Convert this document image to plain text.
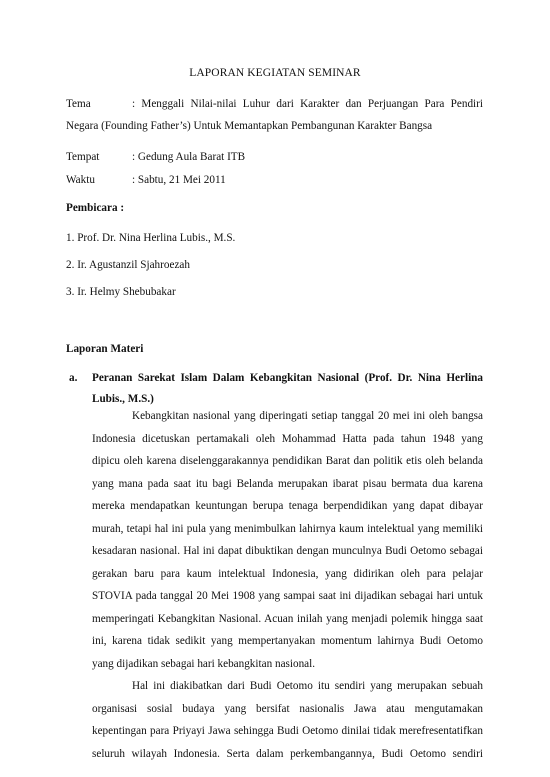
LAPORAN KEGIATAN SEMINAR
Tema	: Menggali Nilai-nilai Luhur dari Karakter dan Perjuangan Para Pendiri
Negara (Founding Father’s) Untuk Memantapkan Pembangunan Karakter Bangsa
Tempat	: Gedung Aula Barat ITB
Waktu	: Sabtu, 21 Mei 2011
Pembicara :
1. Prof. Dr. Nina Herlina Lubis., M.S.
2. Ir. Agustanzil Sjahroezah
3. Ir. Helmy Shebubakar
Laporan Materi
a. Peranan Sarekat Islam Dalam Kebangkitan Nasional (Prof. Dr. Nina Herlina
Lubis., M.S.)
Kebangkitan nasional yang diperingati setiap tanggal 20 mei ini oleh bangsa
Indonesia dicetuskan pertamakali oleh Mohammad Hatta pada tahun 1948 yang
dipicu oleh karena diselenggarakannya pendidikan Barat dan politik etis oleh belanda
yang mana pada saat itu bagi Belanda merupakan ibarat pisau bermata dua karena
mereka mendapatkan keuntungan berupa tenaga berpendidikan yang dapat dibayar
murah, tetapi hal ini pula yang menimbulkan lahirnya kaum intelektual yang memiliki
kesadaran nasional. Hal ini dapat dibuktikan dengan munculnya Budi Oetomo sebagai
gerakan baru para kaum intelektual Indonesia, yang didirikan oleh para pelajar
STOVIA pada tanggal 20 Mei 1908 yang sampai saat ini dijadikan sebagai hari untuk
memperingati Kebangkitan Nasional. Acuan inilah yang menjadi polemik hingga saat
ini, karena tidak sedikit yang mempertanyakan momentum lahirnya Budi Oetomo
yang dijadikan sebagai hari kebangkitan nasional.
Hal ini diakibatkan dari Budi Oetomo itu sendiri yang merupakan sebuah
organisasi sosial budaya yang bersifat nasionalis Jawa atau mengutamakan
kepentingan para Priyayi Jawa sehingga Budi Oetomo dinilai tidak merefresentatifkan
seluruh wilayah Indonesia. Serta dalam perkembangannya, Budi Oetomo sendiri
